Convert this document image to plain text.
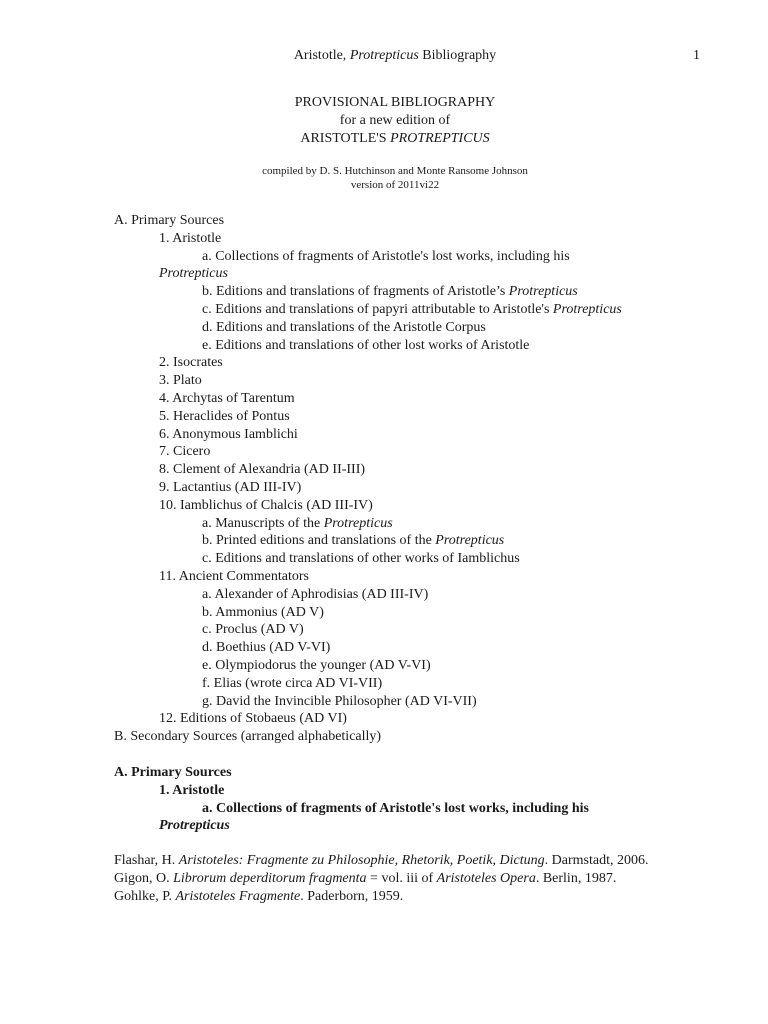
Aristotle, Protrepticus Bibliography	1
PROVISIONAL BIBLIOGRAPHY
for a new edition of
ARISTOTLE'S PROTREPTICUS
compiled by D. S. Hutchinson and Monte Ransome Johnson
version of 2011vi22
A. Primary Sources
1. Aristotle
a. Collections of fragments of Aristotle's lost works, including his
Protrepticus
b. Editions and translations of fragments of Aristotle’s Protrepticus
c. Editions and translations of papyri attributable to Aristotle's Protrepticus
d. Editions and translations of the Aristotle Corpus
e. Editions and translations of other lost works of Aristotle
2. Isocrates
3. Plato
4. Archytas of Tarentum
5. Heraclides of Pontus
6. Anonymous Iamblichi
7. Cicero
8. Clement of Alexandria (AD II-III)
9. Lactantius (AD III-IV)
10. Iamblichus of Chalcis (AD III-IV)
a. Manuscripts of the Protrepticus
b. Printed editions and translations of the Protrepticus
c. Editions and translations of other works of Iamblichus
11. Ancient Commentators
a. Alexander of Aphrodisias (AD III-IV)
b. Ammonius (AD V)
c. Proclus (AD V)
d. Boethius (AD V-VI)
e. Olympiodorus the younger (AD V-VI)
f. Elias (wrote circa AD VI-VII)
g. David the Invincible Philosopher (AD VI-VII)
12. Editions of Stobaeus (AD VI)
B. Secondary Sources (arranged alphabetically)
A. Primary Sources
1. Aristotle
a. Collections of fragments of Aristotle's lost works, including his
Protrepticus
Flashar, H. Aristoteles: Fragmente zu Philosophie, Rhetorik, Poetik, Dictung. Darmstadt, 2006.
Gigon, O. Librorum deperditorum fragmenta = vol. iii of Aristoteles Opera. Berlin, 1987.
Gohlke, P. Aristoteles Fragmente. Paderborn, 1959.
